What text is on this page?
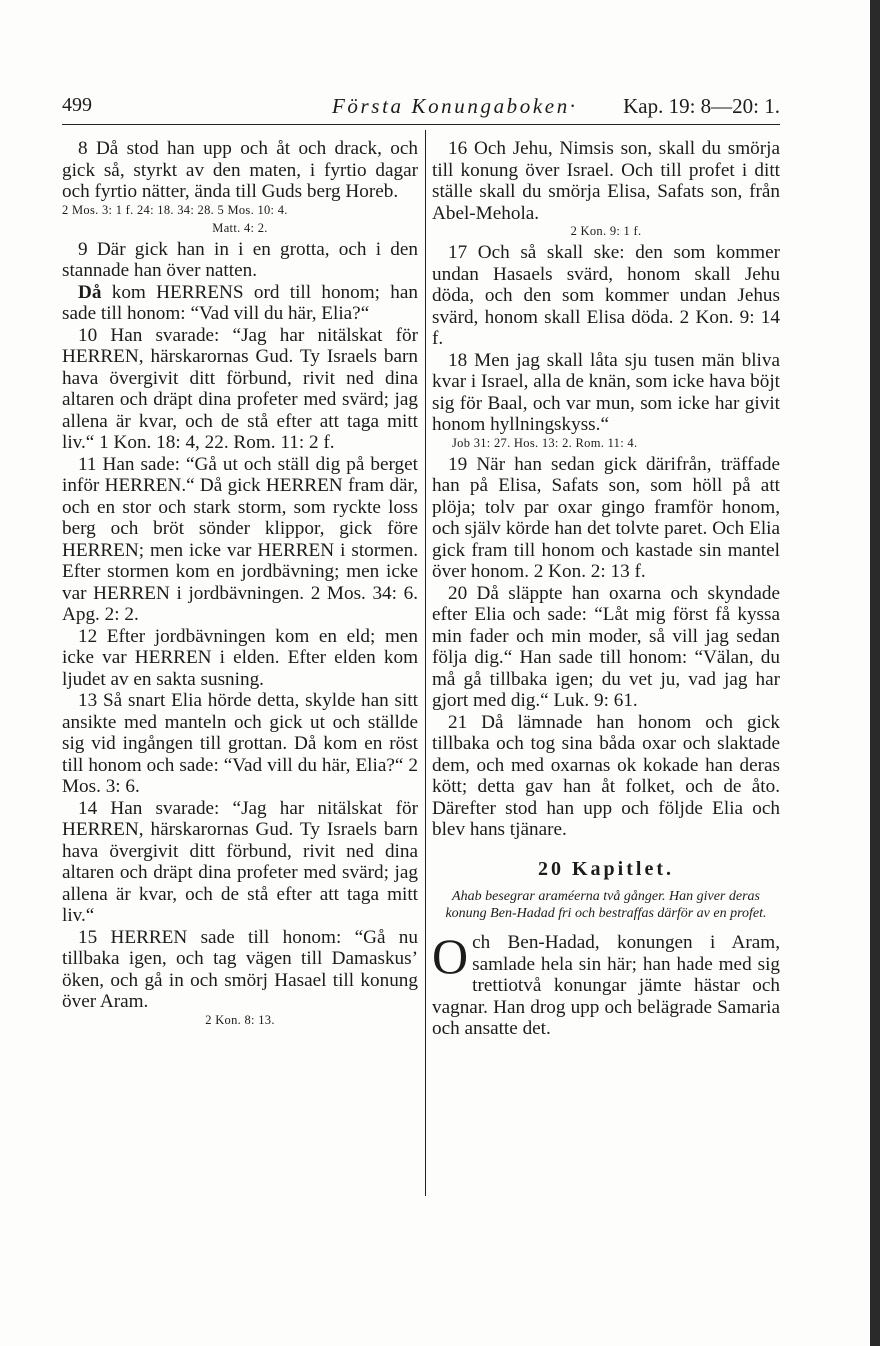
499	Första Konungaboken· Kap. 19: 8—20: 1.

8 Då stod han upp och åt och drack, och gick så, styrkt av den maten, i fyrtio dagar och fyrtio nätter, ända till Guds berg Horeb.

2 Mos. 3: 1 f. 24: 18. 34: 28. 5 Mos. 10: 4.

Matt. 4: 2.

9 Där gick han in i en grotta, och i den stannade han över natten.

Då kom HERRENS ord till honom; han sade till honom: “Vad vill du här, Elia?“

10 Han svarade: “Jag har nitälskat för HERREN, härskarornas Gud. Ty Israels barn hava övergivit ditt förbund, rivit ned dina altaren och dräpt dina profeter med svärd; jag allena är kvar, och de stå efter att taga mitt liv.“ 1 Kon. 18: 4, 22. Rom. 11: 2 f.

11 Han sade: “Gå ut och ställ dig på berget inför HERREN.“ Då gick HERREN fram där, och en stor och stark storm, som ryckte loss berg och bröt sönder klippor, gick före HERREN; men icke var HERREN i stormen. Efter stormen kom en jordbävning; men icke var HERREN i jordbävningen. 2 Mos. 34: 6. Apg. 2: 2.

12 Efter jordbävningen kom en eld; men icke var HERREN i elden. Efter elden kom ljudet av en sakta susning.

13 Så snart Elia hörde detta, skylde han sitt ansikte med manteln och gick ut och ställde sig vid ingången till grottan. Då kom en röst till honom och sade: “Vad vill du här, Elia?“ 2 Mos. 3: 6.

14 Han svarade: “Jag har nitälskat för HERREN, härskarornas Gud. Ty Israels barn hava övergivit ditt förbund, rivit ned dina altaren och dräpt dina profeter med svärd; jag allena är kvar, och de stå efter att taga mitt liv.“

15 HERREN sade till honom: “Gå nu tillbaka igen, och tag vägen till Damaskus’ öken, och gå in och smörj Hasael till konung över Aram.

2 Kon. 8: 13.

16 Och Jehu, Nimsis son, skall du smörja till konung över Israel. Och till profet i ditt ställe skall du smörja Elisa, Safats son, från Abel-Mehola.

2 Kon. 9: 1 f.

17 Och så skall ske: den som kommer undan Hasaels svärd, honom skall Jehu döda, och den som kommer undan Jehus svärd, honom skall Elisa döda. 2 Kon. 9: 14 f.

18 Men jag skall låta sju tusen män bliva kvar i Israel, alla de knän, som icke hava böjt sig för Baal, och var mun, som icke har givit honom hyllningskyss.“

Job 31: 27. Hos. 13: 2. Rom. 11: 4.

19 När han sedan gick därifrån, träffade han på Elisa, Safats son, som höll på att plöja; tolv par oxar gingo framför honom, och själv körde han det tolvte paret. Och Elia gick fram till honom och kastade sin mantel över honom. 2 Kon. 2: 13 f.

20 Då släppte han oxarna och skyndade efter Elia och sade: “Låt mig först få kyssa min fader och min moder, så vill jag sedan följa dig.“ Han sade till honom: “Välan, du må gå tillbaka igen; du vet ju, vad jag har gjort med dig.“ Luk. 9: 61.

21 Då lämnade han honom och gick tillbaka och tog sina båda oxar och slaktade dem, och med oxarnas ok kokade han deras kött; detta gav han åt folket, och de åto. Därefter stod han upp och följde Elia och blev hans tjänare.

20 Kapitlet.

Ahab besegrar araméerna två gånger. Han giver deras konung Ben-Hadad fri och bestraffas därför av en profet.

Och Ben-Hadad, konungen i Aram, samlade hela sin här; han hade med sig trettiotvå konungar jämte hästar och vagnar. Han drog upp och belägrade Samaria och ansatte det.
